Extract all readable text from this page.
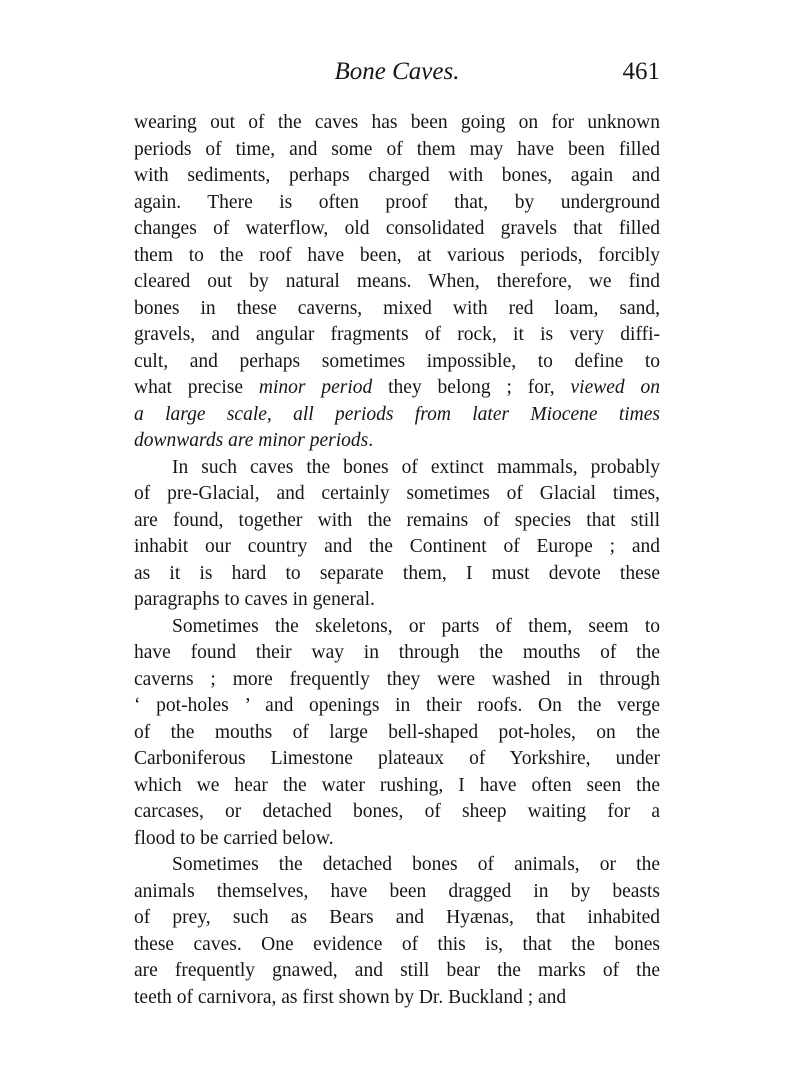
Bone Caves.	461
wearing out of the caves has been going on for unknown
periods of time, and some of them may have been filled
with sediments, perhaps charged with bones, again and
again. There is often proof that, by underground
changes of waterflow, old consolidated gravels that filled
them to the roof have been, at various periods, forcibly
cleared out by natural means. When, therefore, we find
bones in these caverns, mixed with red loam, sand,
gravels, and angular fragments of rock, it is very diffi-
cult, and perhaps sometimes impossible, to define to
what precise minor period they belong ; for, viewed on
a large scale, all periods from later Miocene times
downwards are minor periods.
In such caves the bones of extinct mammals, probably
of pre-Glacial, and certainly sometimes of Glacial times,
are found, together with the remains of species that still
inhabit our country and the Continent of Europe ; and
as it is hard to separate them, I must devote these
paragraphs to caves in general.
Sometimes the skeletons, or parts of them, seem to
have found their way in through the mouths of the
caverns ; more frequently they were washed in through
‘ pot-holes ’ and openings in their roofs. On the verge
of the mouths of large bell-shaped pot-holes, on the
Carboniferous Limestone plateaux of Yorkshire, under
which we hear the water rushing, I have often seen the
carcases, or detached bones, of sheep waiting for a
flood to be carried below.
Sometimes the detached bones of animals, or the
animals themselves, have been dragged in by beasts
of prey, such as Bears and Hyænas, that inhabited
these caves. One evidence of this is, that the bones
are frequently gnawed, and still bear the marks of the
teeth of carnivora, as first shown by Dr. Buckland ; and
